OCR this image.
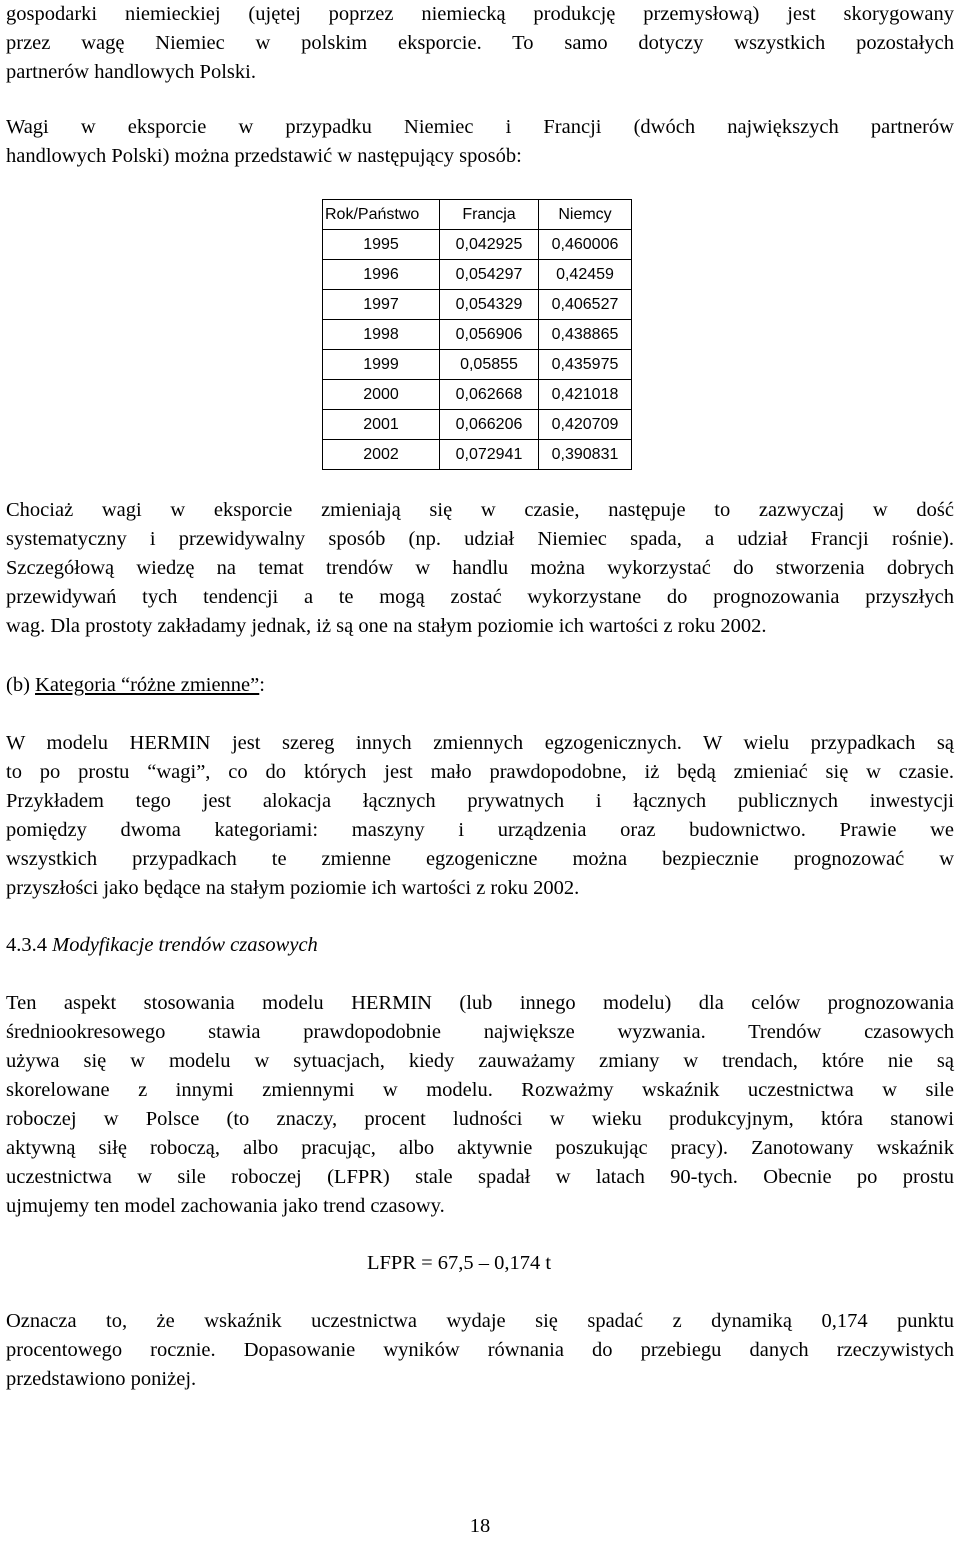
gospodarki niemieckiej (ujętej poprzez niemiecką produkcję przemysłową) jest skorygowany
przez wagę Niemiec w polskim eksporcie. To samo dotyczy wszystkich pozostałych
partnerów handlowych Polski.
Wagi w eksporcie w przypadku Niemiec i Francji (dwóch największych partnerów
handlowych Polski) można przedstawić w następujący sposób:
Rok/Państwo	Francja	Niemcy
1995	0,042925	0,460006
1996	0,054297	0,42459
1997	0,054329	0,406527
1998	0,056906	0,438865
1999	0,05855	0,435975
2000	0,062668	0,421018
2001	0,066206	0,420709
2002	0,072941	0,390831
Chociaż wagi w eksporcie zmieniają się w czasie, następuje to zazwyczaj w dość
systematyczny i przewidywalny sposób (np. udział Niemiec spada, a udział Francji rośnie).
Szczegółową wiedzę na temat trendów w handlu można wykorzystać do stworzenia dobrych
przewidywań tych tendencji a te mogą zostać wykorzystane do prognozowania przyszłych
wag. Dla prostoty zakładamy jednak, iż są one na stałym poziomie ich wartości z roku 2002.
(b) Kategoria “różne zmienne”:
W modelu HERMIN jest szereg innych zmiennych egzogenicznych. W wielu przypadkach są
to po prostu “wagi”, co do których jest mało prawdopodobne, iż będą zmieniać się w czasie.
Przykładem tego jest alokacja łącznych prywatnych i łącznych publicznych inwestycji
pomiędzy dwoma kategoriami: maszyny i urządzenia oraz budownictwo. Prawie we
wszystkich przypadkach te zmienne egzogeniczne można bezpiecznie prognozować w
przyszłości jako będące na stałym poziomie ich wartości z roku 2002.
4.3.4 Modyfikacje trendów czasowych
Ten aspekt stosowania modelu HERMIN (lub innego modelu) dla celów prognozowania
średniookresowego stawia prawdopodobnie największe wyzwania. Trendów czasowych
używa się w modelu w sytuacjach, kiedy zauważamy zmiany w trendach, które nie są
skorelowane z innymi zmiennymi w modelu. Rozważmy wskaźnik uczestnictwa w sile
roboczej w Polsce (to znaczy, procent ludności w wieku produkcyjnym, która stanowi
aktywną siłę roboczą, albo pracując, albo aktywnie poszukując pracy). Zanotowany wskaźnik
uczestnictwa w sile roboczej (LFPR) stale spadał w latach 90-tych. Obecnie po prostu
ujmujemy ten model zachowania jako trend czasowy.
LFPR = 67,5 – 0,174 t
Oznacza to, że wskaźnik uczestnictwa wydaje się spadać z dynamiką 0,174 punktu
procentowego rocznie. Dopasowanie wyników równania do przebiegu danych rzeczywistych
przedstawiono poniżej.
18
